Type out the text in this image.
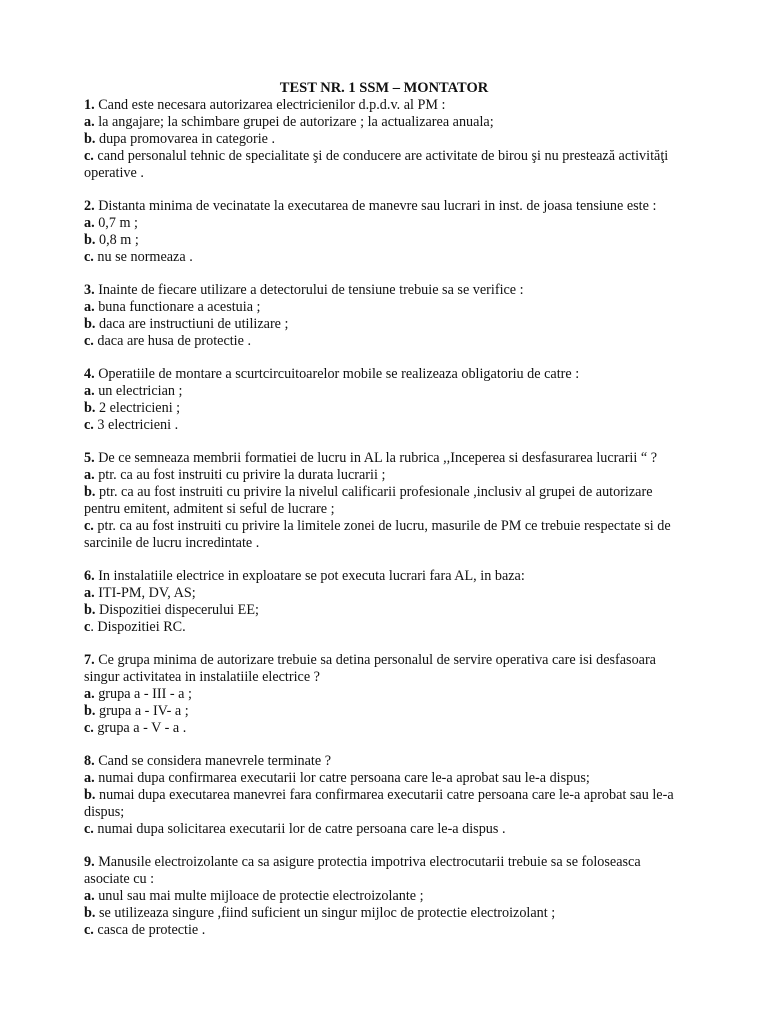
TEST NR. 1 SSM – MONTATOR

1. Cand este necesara autorizarea electricienilor d.p.d.v. al PM :

a. la angajare; la schimbare grupei de autorizare ; la actualizarea anuala;

b. dupa promovarea in categorie .

c. cand personalul tehnic de specialitate şi de conducere are activitate de birou şi nu prestează activităţi operative .

2. Distanta minima de vecinatate la executarea de manevre sau lucrari in inst. de joasa tensiune este :

a. 0,7 m ;

b. 0,8 m ;

c. nu se normeaza .

3. Inainte de fiecare utilizare a detectorului de tensiune trebuie sa se verifice :

a. buna functionare a acestuia ;

b. daca are instructiuni de utilizare ;

c. daca are husa de protectie .

4. Operatiile de montare a scurtcircuitoarelor mobile se realizeaza obligatoriu de catre :

a. un electrician ;

b. 2 electricieni ;

c. 3 electricieni .

5. De ce semneaza membrii formatiei de lucru in AL la rubrica ,,Inceperea si desfasurarea lucrarii “ ?

a. ptr. ca au fost instruiti cu privire la durata lucrarii ;

b. ptr. ca au fost instruiti cu privire la nivelul calificarii profesionale ,inclusiv al grupei de autorizare pentru emitent, admitent si seful de lucrare ;

c. ptr. ca au fost instruiti cu privire la limitele zonei de lucru, masurile de PM ce trebuie respectate si de sarcinile de lucru incredintate .

6. In instalatiile electrice in exploatare se pot executa lucrari fara AL, in baza:

a. ITI-PM, DV, AS;

b. Dispozitiei dispecerului EE;

c. Dispozitiei RC.

7. Ce grupa minima de autorizare trebuie sa detina personalul de servire operativa care isi desfasoara singur activitatea in instalatiile electrice ?

a. grupa a - III - a ;

b. grupa a - IV- a ;

c. grupa a - V - a .

8. Cand se considera manevrele terminate ?

a. numai dupa confirmarea executarii lor catre persoana care le-a aprobat sau le-a dispus;

b. numai dupa executarea manevrei fara confirmarea executarii catre persoana care le-a aprobat sau le-a dispus;

c. numai dupa solicitarea executarii lor de catre persoana care le-a dispus .

9. Manusile electroizolante ca sa asigure protectia impotriva electrocutarii trebuie sa se foloseasca asociate cu :

a. unul sau mai multe mijloace de protectie electroizolante ;

b. se utilizeaza singure ,fiind suficient un singur mijloc de protectie electroizolant ;

c. casca de protectie .
